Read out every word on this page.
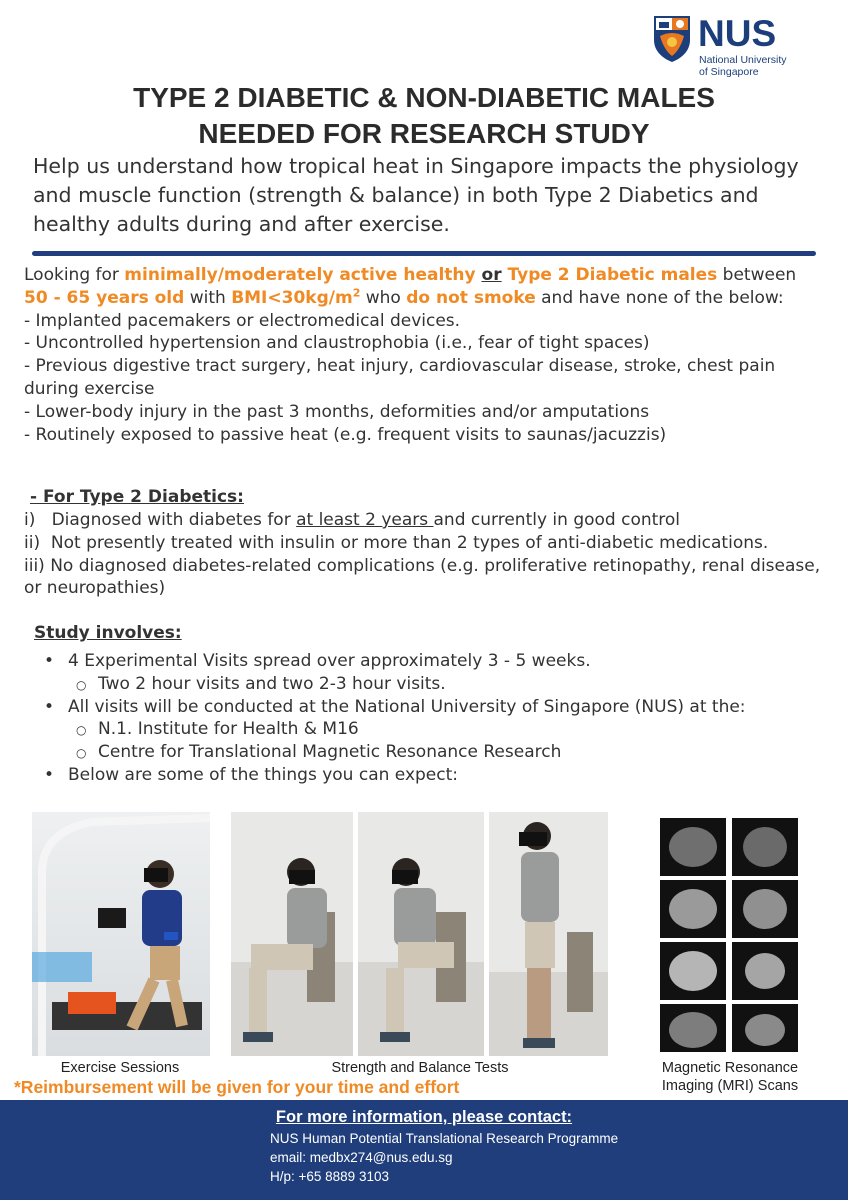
NUS
National University
of Singapore
TYPE 2 DIABETIC & NON-DIABETIC MALES
NEEDED FOR RESEARCH STUDY

Help us understand how tropical heat in Singapore impacts the physiology and muscle function (strength & balance) in both Type 2 Diabetics and healthy adults during and after exercise.

Looking for minimally/moderately active healthy or Type 2 Diabetic males between
50 - 65 years old with $BMI<30kg/m^2$ who do not smoke and have none of the below:
- Implanted pacemakers or electromedical devices.
- Uncontrolled hypertension and claustrophobia (i.e., fear of tight spaces)
- Previous digestive tract surgery, heat injury, cardiovascular disease, stroke, chest pain during exercise
- Lower-body injury in the past 3 months, deformities and/or amputations
- Routinely exposed to passive heat (e.g. frequent visits to saunas/jacuzzis)
- For Type 2 Diabetics:
i)   Diagnosed with diabetes for at least 2 years and currently in good control
ii)  Not presently treated with insulin or more than 2 types of anti-diabetic medications.
iii) No diagnosed diabetes-related complications (e.g. proliferative retinopathy, renal disease, or neuropathies)
Study involves:
• 4 Experimental Visits spread over approximately 3 - 5 weeks.
○ Two 2 hour visits and two 2-3 hour visits.
• All visits will be conducted at the National University of Singapore (NUS) at the:
○ N.1. Institute for Health & M16
○ Centre for Translational Magnetic Resonance Research
• Below are some of the things you can expect:
Exercise Sessions	Strength and Balance Tests	Magnetic Resonance
Imaging (MRI) Scans
*Reimbursement will be given for your time and effort
For more information, please contact:
NUS Human Potential Translational Research Programme
email: medbx274@nus.edu.sg
H/p: +65 8889 3103
